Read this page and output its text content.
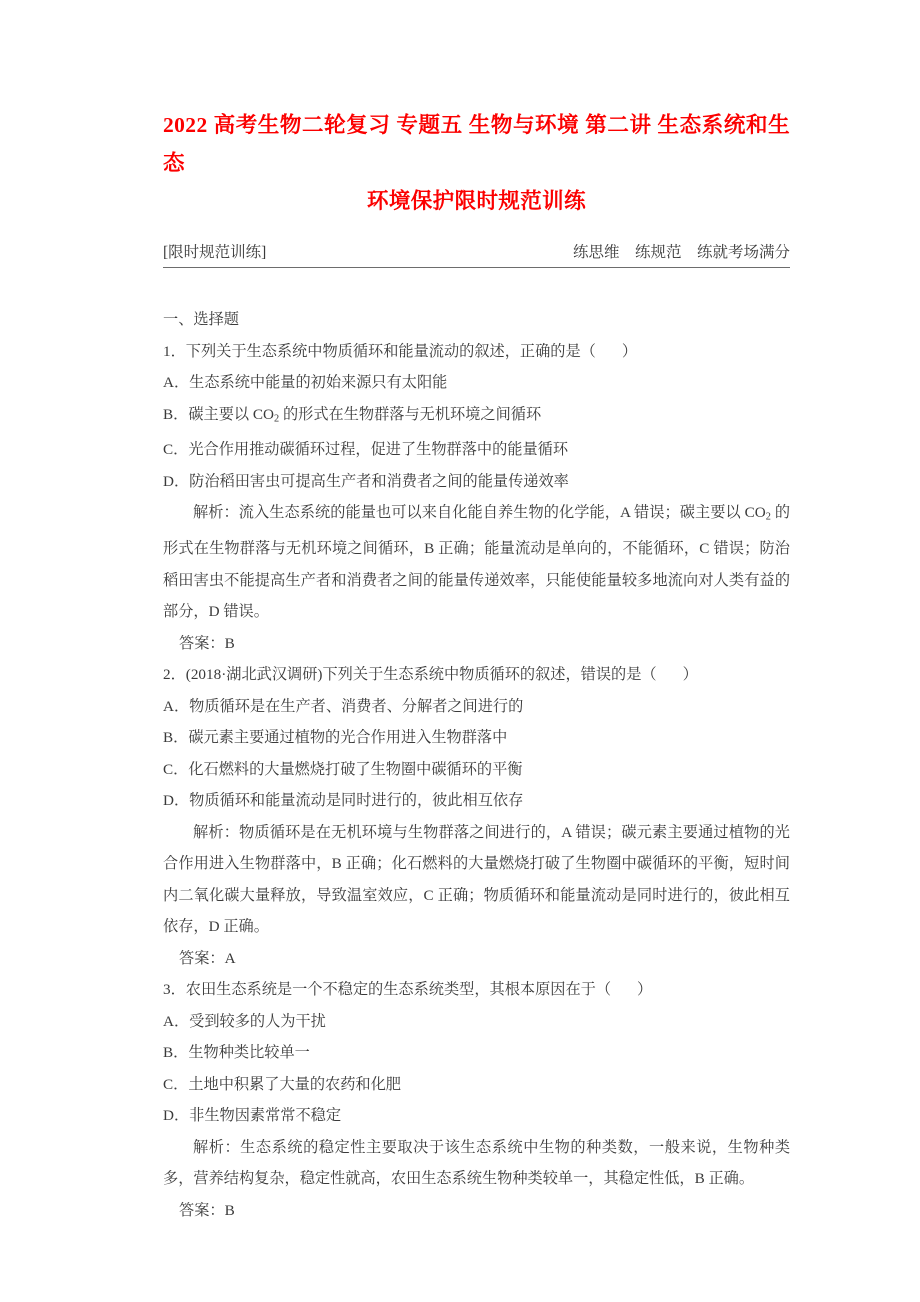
2022 高考生物二轮复习 专题五 生物与环境 第二讲 生态系统和生态
环境保护限时规范训练
[限时规范训练]	练思维　练规范　练就考场满分
一、选择题
1．下列关于生态系统中物质循环和能量流动的叙述，正确的是（ ）
A．生态系统中能量的初始来源只有太阳能
B．碳主要以 $CO_2$ 的形式在生物群落与无机环境之间循环
C．光合作用推动碳循环过程，促进了生物群落中的能量循环
D．防治稻田害虫可提高生产者和消费者之间的能量传递效率
解析：流入生态系统的能量也可以来自化能自养生物的化学能，A 错误；碳主要以 $CO_2$ 的形式在生物群落与无机环境之间循环，B 正确；能量流动是单向的，不能循环，C 错误；防治稻田害虫不能提高生产者和消费者之间的能量传递效率，只能使能量较多地流向对人类有益的部分，D 错误。
答案：B
2．(2018·湖北武汉调研)下列关于生态系统中物质循环的叙述，错误的是（ ）
A．物质循环是在生产者、消费者、分解者之间进行的
B．碳元素主要通过植物的光合作用进入生物群落中
C．化石燃料的大量燃烧打破了生物圈中碳循环的平衡
D．物质循环和能量流动是同时进行的，彼此相互依存
解析：物质循环是在无机环境与生物群落之间进行的，A 错误；碳元素主要通过植物的光合作用进入生物群落中，B 正确；化石燃料的大量燃烧打破了生物圈中碳循环的平衡，短时间内二氧化碳大量释放，导致温室效应，C 正确；物质循环和能量流动是同时进行的，彼此相互依存，D 正确。
答案：A
3．农田生态系统是一个不稳定的生态系统类型，其根本原因在于（ ）
A．受到较多的人为干扰
B．生物种类比较单一
C．土地中积累了大量的农药和化肥
D．非生物因素常常不稳定
解析：生态系统的稳定性主要取决于该生态系统中生物的种类数，一般来说，生物种类多，营养结构复杂，稳定性就高，农田生态系统生物种类较单一，其稳定性低，B 正确。
答案：B
